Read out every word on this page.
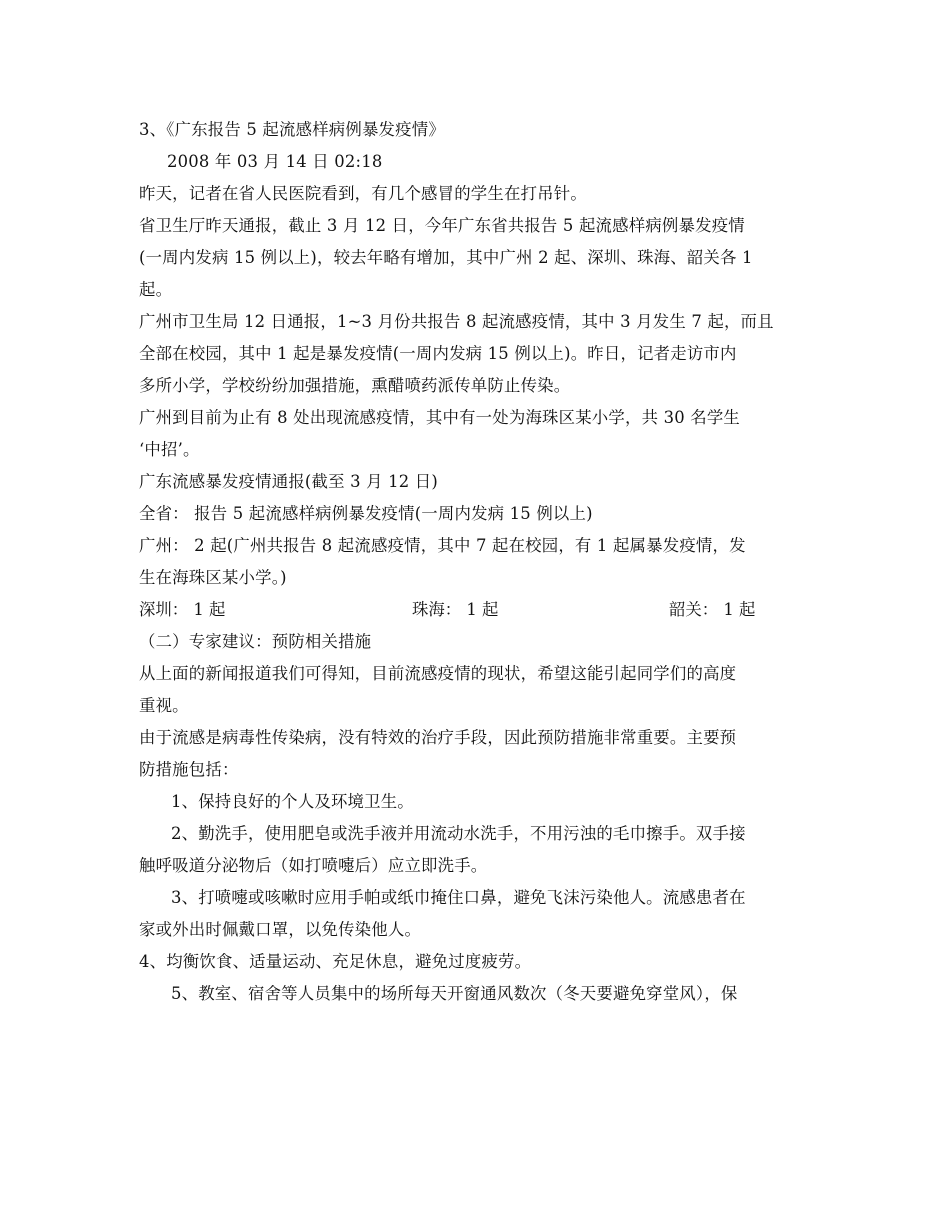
3、《广东报告 5 起流感样病例暴发疫情》
2008 年 03 月 14 日 02:18
昨天，记者在省人民医院看到，有几个感冒的学生在打吊针。
省卫生厅昨天通报，截止 3 月 12 日，今年广东省共报告 5 起流感样病例暴发疫情
(一周内发病 15 例以上)，较去年略有增加，其中广州 2 起、深圳、珠海、韶关各 1
起。
广州市卫生局 12 日通报，1~3 月份共报告 8 起流感疫情，其中 3 月发生 7 起，而且
全部在校园，其中 1 起是暴发疫情(一周内发病 15 例以上)。昨日，记者走访市内
多所小学，学校纷纷加强措施，熏醋喷药派传单防止传染。
广州到目前为止有 8 处出现流感疫情，其中有一处为海珠区某小学，共 30 名学生
‘中招’。
广东流感暴发疫情通报(截至 3 月 12 日)
全省： 报告 5 起流感样病例暴发疫情(一周内发病 15 例以上)
广州： 2 起(广州共报告 8 起流感疫情，其中 7 起在校园，有 1 起属暴发疫情，发
生在海珠区某小学。)
深圳： 1 起	珠海： 1 起	韶关： 1 起
（二）专家建议：预防相关措施
从上面的新闻报道我们可得知，目前流感疫情的现状，希望这能引起同学们的高度
重视。
由于流感是病毒性传染病，没有特效的治疗手段，因此预防措施非常重要。主要预
防措施包括：
1、保持良好的个人及环境卫生。
2、勤洗手，使用肥皂或洗手液并用流动水洗手，不用污浊的毛巾擦手。双手接
触呼吸道分泌物后（如打喷嚏后）应立即洗手。
3、打喷嚏或咳嗽时应用手帕或纸巾掩住口鼻，避免飞沫污染他人。流感患者在
家或外出时佩戴口罩，以免传染他人。
4、均衡饮食、适量运动、充足休息，避免过度疲劳。
5、教室、宿舍等人员集中的场所每天开窗通风数次（冬天要避免穿堂风），保
